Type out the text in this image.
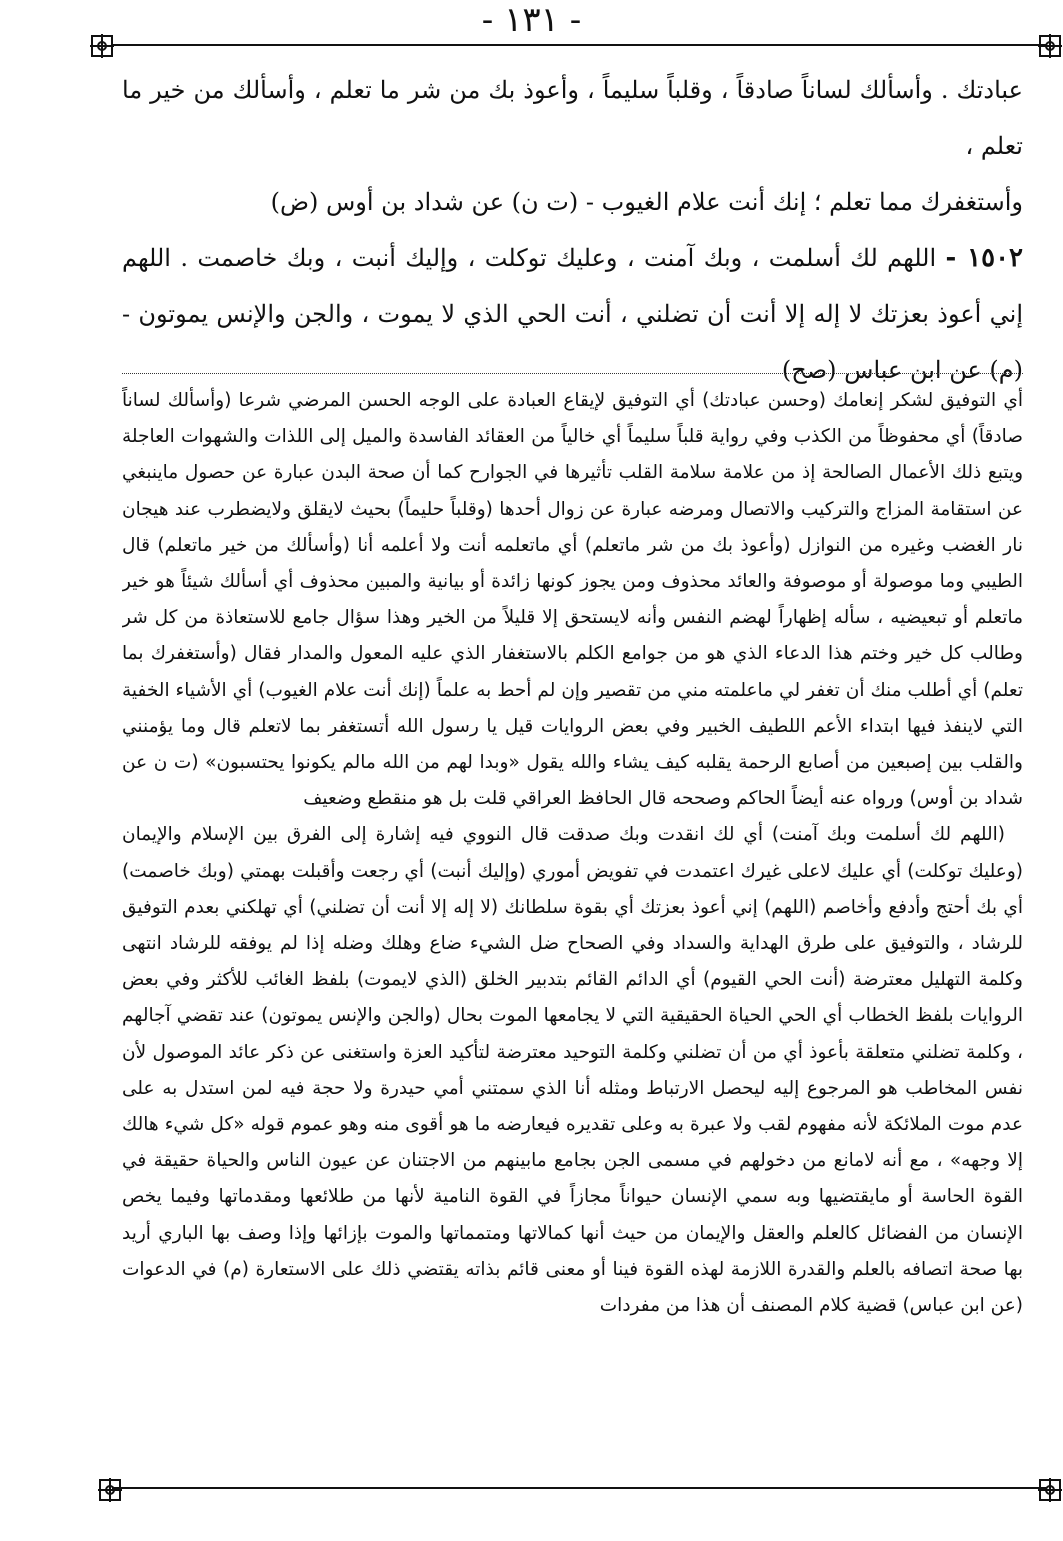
- ١٣١ -

عبادتك . وأسألك لساناً صادقاً ، وقلباً سليماً ، وأعوذ بك من شر ما تعلم ، وأسألك من خير ما تعلم ،

وأستغفرك مما تعلم ؛ إنك أنت علام الغيوب - (ت ن) عن شداد بن أوس (ض)

١٥٠٢ - اللهم لك أسلمت ، وبك آمنت ، وعليك توكلت ، وإليك أنبت ، وبك خاصمت . اللهم إني أعوذ بعزتك لا إله إلا أنت أن تضلني ، أنت الحي الذي لا يموت ، والجن والإنس يموتون - (م) عن ابن عباس (صح)

أي التوفيق لشكر إنعامك (وحسن عبادتك) أي التوفيق لإيقاع العبادة على الوجه الحسن المرضي شرعا (وأسألك لساناً صادقاً) أي محفوظاً من الكذب وفي رواية قلباً سليماً أي خالياً من العقائد الفاسدة والميل إلى اللذات والشهوات العاجلة ويتبع ذلك الأعمال الصالحة إذ من علامة سلامة القلب تأثيرها في الجوارح كما أن صحة البدن عبارة عن حصول ماينبغي عن استقامة المزاج والتركيب والاتصال ومرضه عبارة عن زوال أحدها (وقلباً حليماً) بحيث لايقلق ولايضطرب عند هيجان نار الغضب وغيره من النوازل (وأعوذ بك من شر ماتعلم) أي ماتعلمه أنت ولا أعلمه أنا (وأسألك من خير ماتعلم) قال الطيبي وما موصولة أو موصوفة والعائد محذوف ومن يجوز كونها زائدة أو بيانية والمبين محذوف أي أسألك شيئاً هو خير ماتعلم أو تبعيضيه ، سأله إظهاراً لهضم النفس وأنه لايستحق إلا قليلاً من الخير وهذا سؤال جامع للاستعاذة من كل شر وطالب كل خير وختم هذا الدعاء الذي هو من جوامع الكلم بالاستغفار الذي عليه المعول والمدار فقال (وأستغفرك بما تعلم) أي أطلب منك أن تغفر لي ماعلمته مني من تقصير وإن لم أحط به علماً (إنك أنت علام الغيوب) أي الأشياء الخفية التي لاينفذ فيها ابتداء الأعم اللطيف الخبير وفي بعض الروايات قيل يا رسول الله أتستغفر بما لاتعلم قال وما يؤمنني والقلب بين إصبعين من أصابع الرحمة يقلبه كيف يشاء والله يقول «وبدا لهم من الله مالم يكونوا يحتسبون» (ت ن عن شداد بن أوس) ورواه عنه أيضاً الحاكم وصححه قال الحافظ العراقي قلت بل هو منقطع وضعيف

(اللهم لك أسلمت وبك آمنت) أي لك انقدت وبك صدقت قال النووي فيه إشارة إلى الفرق بين الإسلام والإيمان (وعليك توكلت) أي عليك لاعلى غيرك اعتمدت في تفويض أموري (وإليك أنبت) أي رجعت وأقبلت بهمتي (وبك خاصمت) أي بك أحتج وأدفع وأخاصم (اللهم) إني أعوذ بعزتك أي بقوة سلطانك (لا إله إلا أنت أن تضلني) أي تهلكني بعدم التوفيق للرشاد ، والتوفيق على طرق الهداية والسداد وفي الصحاح ضل الشيء ضاع وهلك وضله إذا لم يوفقه للرشاد انتهى وكلمة التهليل معترضة (أنت الحي القيوم) أي الدائم القائم بتدبير الخلق (الذي لايموت) بلفظ الغائب للأكثر وفي بعض الروايات بلفظ الخطاب أي الحي الحياة الحقيقية التي لا يجامعها الموت بحال (والجن والإنس يموتون) عند تقضي آجالهم ، وكلمة تضلني متعلقة بأعوذ أي من أن تضلني وكلمة التوحيد معترضة لتأكيد العزة واستغنى عن ذكر عائد الموصول لأن نفس المخاطب هو المرجوع إليه ليحصل الارتباط ومثله أنا الذي سمتني أمي حيدرة ولا حجة فيه لمن استدل به على عدم موت الملائكة لأنه مفهوم لقب ولا عبرة به وعلى تقديره فيعارضه ما هو أقوى منه وهو عموم قوله «كل شيء هالك إلا وجهه» ، مع أنه لامانع من دخولهم في مسمى الجن بجامع مابينهم من الاجتنان عن عيون الناس والحياة حقيقة في القوة الحاسة أو مايقتضيها وبه سمي الإنسان حيواناً مجازاً في القوة النامية لأنها من طلائعها ومقدماتها وفيما يخص الإنسان من الفضائل كالعلم والعقل والإيمان من حيث أنها كمالاتها ومتمماتها والموت بإزائها وإذا وصف بها الباري أريد بها صحة اتصافه بالعلم والقدرة اللازمة لهذه القوة فينا أو معنى قائم بذاته يقتضي ذلك على الاستعارة (م) في الدعوات (عن ابن عباس) قضية كلام المصنف أن هذا من مفردات
